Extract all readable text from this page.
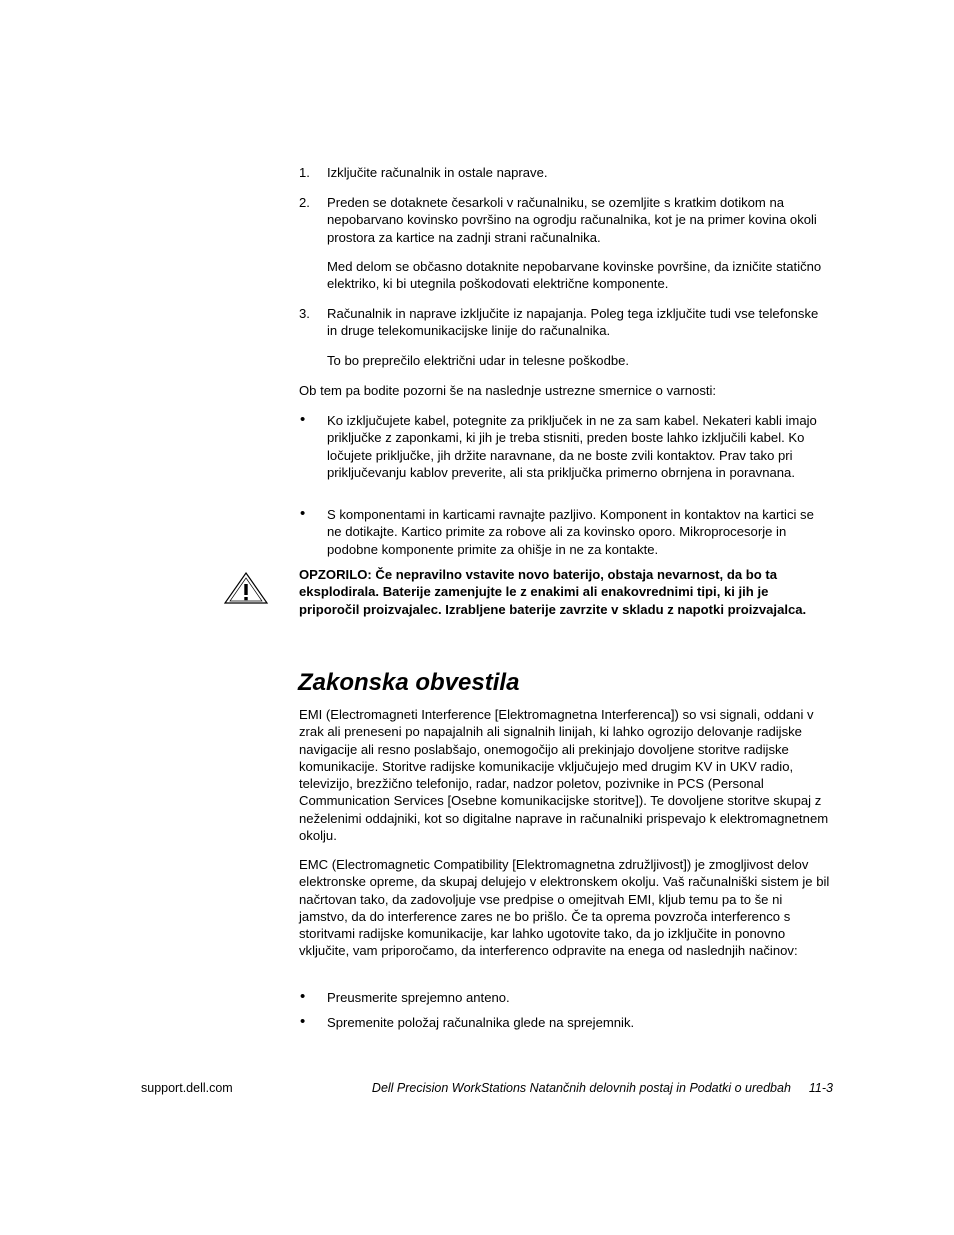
1. Izključite računalnik in ostale naprave.
2. Preden se dotaknete česarkoli v računalniku, se ozemljite s kratkim dotikom na nepobarvano kovinsko površino na ogrodju računalnika, kot je na primer kovina okoli prostora za kartice na zadnji strani računalnika.
Med delom se občasno dotaknite nepobarvane kovinske površine, da izničite statično elektriko, ki bi utegnila poškodovati električne komponente.
3. Računalnik in naprave izključite iz napajanja. Poleg tega izključite tudi vse telefonske in druge telekomunikacijske linije do računalnika.
To bo preprečilo električni udar in telesne poškodbe.
Ob tem pa bodite pozorni še na naslednje ustrezne smernice o varnosti:
• Ko izključujete kabel, potegnite za priključek in ne za sam kabel. Nekateri kabli imajo priključke z zaponkami, ki jih je treba stisniti, preden boste lahko izključili kabel. Ko ločujete priključke, jih držite naravnane, da ne boste zvili kontaktov. Prav tako pri priključevanju kablov preverite, ali sta priključka primerno obrnjena in poravnana.
• S komponentami in karticami ravnajte pazljivo. Komponent in kontaktov na kartici se ne dotikajte. Kartico primite za robove ali za kovinsko oporo. Mikroprocesorje in podobne komponente primite za ohišje in ne za kontakte.
OPZORILO: Če nepravilno vstavite novo baterijo, obstaja nevarnost, da bo ta eksplodirala. Baterije zamenjujte le z enakimi ali enakovrednimi tipi, ki jih je priporočil proizvajalec. Izrabljene baterije zavrzite v skladu z napotki proizvajalca.
Zakonska obvestila
EMI (Electromagneti Interference [Elektromagnetna Interferenca]) so vsi signali, oddani v zrak ali preneseni po napajalnih ali signalnih linijah, ki lahko ogrozijo delovanje radijske navigacije ali resno poslabšajo, onemogočijo ali prekinjajo dovoljene storitve radijske komunikacije. Storitve radijske komunikacije vključujejo med drugim KV in UKV radio, televizijo, brezžično telefonijo, radar, nadzor poletov, pozivnike in PCS (Personal Communication Services [Osebne komunikacijske storitve]). Te dovoljene storitve skupaj z neželenimi oddajniki, kot so digitalne naprave in računalniki prispevajo k elektromagnetnem okolju.
EMC (Electromagnetic Compatibility [Elektromagnetna združljivost]) je zmogljivost delov elektronske opreme, da skupaj delujejo v elektronskem okolju. Vaš računalniški sistem je bil načrtovan tako, da zadovoljuje vse predpise o omejitvah EMI, kljub temu pa to še ni jamstvo, da do interference zares ne bo prišlo. Če ta oprema povzroča interferenco s storitvami radijske komunikacije, kar lahko ugotovite tako, da jo izključite in ponovno vključite, vam priporočamo, da interferenco odpravite na enega od naslednjih načinov:
• Preusmerite sprejemno anteno.
• Spremenite položaj računalnika glede na sprejemnik.
support.dell.com	Dell Precision WorkStations Natančnih delovnih postaj in Podatki o uredbah 11-3
